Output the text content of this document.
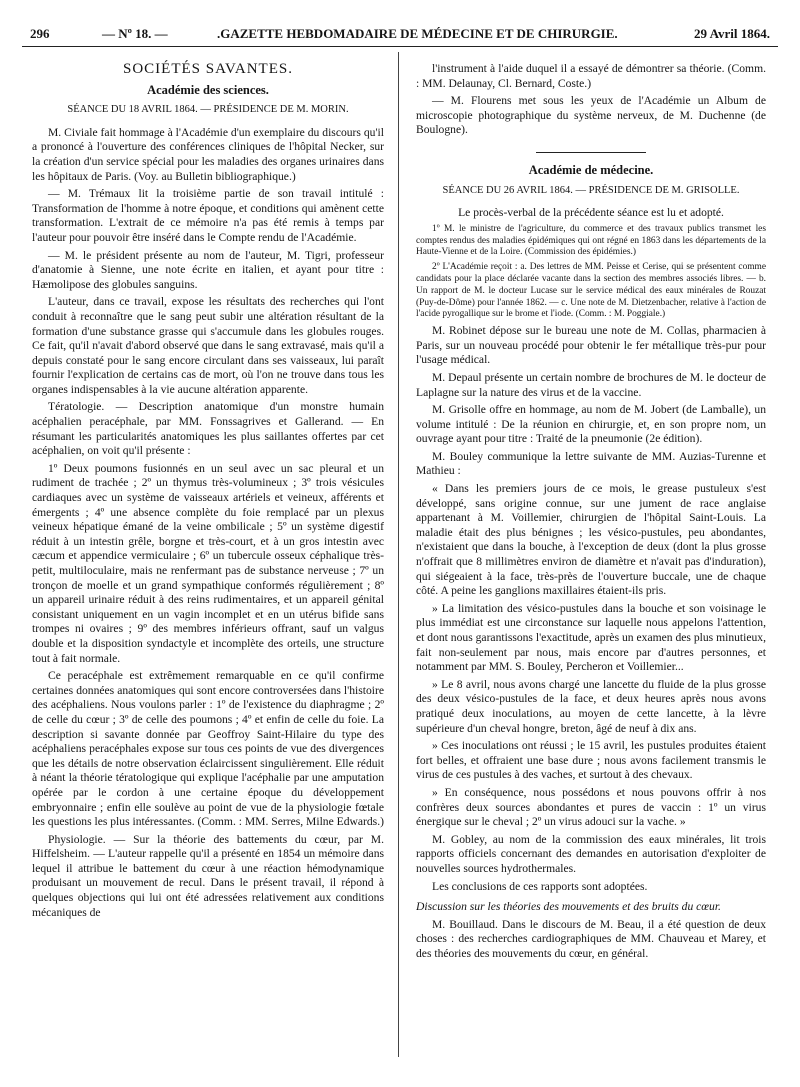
296	— Nº 18. —	.GAZETTE HEBDOMADAIRE DE MÉDECINE ET DE CHIRURGIE.	29 Avril 1864.
SOCIÉTÉS SAVANTES.
Académie des sciences.
SÉANCE DU 18 AVRIL 1864. — PRÉSIDENCE DE M. MORIN.

M. Civiale fait hommage à l'Académie d'un exemplaire du discours qu'il a prononcé à l'ouverture des conférences cliniques de l'hôpital Necker, sur la création d'un service spécial pour les maladies des organes urinaires dans les hôpitaux de Paris. (Voy. au Bulletin bibliographique.)

— M. Trémaux lit la troisième partie de son travail intitulé : Transformation de l'homme à notre époque, et conditions qui amènent cette transformation. L'extrait de ce mémoire n'a pas été remis à temps par l'auteur pour pouvoir être inséré dans le Compte rendu de l'Académie.

— M. le président présente au nom de l'auteur, M. Tigri, professeur d'anatomie à Sienne, une note écrite en italien, et ayant pour titre : Hæmolipose des globules sanguins.

L'auteur, dans ce travail, expose les résultats des recherches qui l'ont conduit à reconnaître que le sang peut subir une altération résultant de la formation d'une substance grasse qui s'accumule dans les globules rouges. Ce fait, qu'il n'avait d'abord observé que dans le sang extravasé, mais qu'il a depuis constaté pour le sang encore circulant dans ses vaisseaux, lui paraît fournir l'explication de certains cas de mort, où l'on ne trouve dans tous les organes indispensables à la vie aucune altération apparente.

Tératologie. — Description anatomique d'un monstre humain acéphalien peracéphale, par MM. Fonssagrives et Gallerand. — En résumant les particularités anatomiques les plus saillantes offertes par cet acéphalien, on voit qu'il présente :

1º Deux poumons fusionnés en un seul avec un sac pleural et un rudiment de trachée ; 2º un thymus très-volumineux ; 3º trois vésicules cardiaques avec un système de vaisseaux artériels et veineux, afférents et émergents ; 4º une absence complète du foie remplacé par un plexus veineux hépatique émané de la veine ombilicale ; 5º un système digestif réduit à un intestin grêle, borgne et très-court, et à un gros intestin avec cæcum et appendice vermiculaire ; 6º un tubercule osseux céphalique très-petit, multiloculaire, mais ne renfermant pas de substance nerveuse ; 7º un tronçon de moelle et un grand sympathique conformés régulièrement ; 8º un appareil urinaire réduit à des reins rudimentaires, et un appareil génital consistant uniquement en un vagin incomplet et en un utérus bifide sans trompes ni ovaires ; 9º des membres inférieurs offrant, sauf un valgus double et la disposition syndactyle et incomplète des orteils, une structure tout à fait normale.

Ce peracéphale est extrêmement remarquable en ce qu'il confirme certaines données anatomiques qui sont encore controversées dans l'histoire des acéphaliens. Nous voulons parler : 1º de l'existence du diaphragme ; 2º de celle du cœur ; 3º de celle des poumons ; 4º et enfin de celle du foie. La description si savante donnée par Geoffroy Saint-Hilaire du type des acéphaliens peracéphales expose sur tous ces points de vue des divergences que les détails de notre observation éclaircissent singulièrement. Elle réduit à néant la théorie tératologique qui explique l'acéphalie par une amputation opérée par le cordon à une certaine époque du développement embryonnaire ; enfin elle soulève au point de vue de la physiologie fœtale les questions les plus intéressantes. (Comm. : MM. Serres, Milne Edwards.)

Physiologie. — Sur la théorie des battements du cœur, par M. Hiffelsheim. — L'auteur rappelle qu'il a présenté en 1854 un mémoire dans lequel il attribue le battement du cœur à une réaction hémodynamique produisant un mouvement de recul. Dans le présent travail, il répond à quelques objections qui lui ont été adressées relativement aux conditions mécaniques de

l'instrument à l'aide duquel il a essayé de démontrer sa théorie. (Comm. : MM. Delaunay, Cl. Bernard, Coste.)

— M. Flourens met sous les yeux de l'Académie un Album de microscopie photographique du système nerveux, de M. Duchenne (de Boulogne).

Académie de médecine.
SÉANCE DU 26 AVRIL 1864. — PRÉSIDENCE DE M. GRISOLLE.

Le procès-verbal de la précédente séance est lu et adopté.

1º M. le ministre de l'agriculture, du commerce et des travaux publics transmet les comptes rendus des maladies épidémiques qui ont régné en 1863 dans les départements de la Haute-Vienne et de la Loire. (Commission des épidémies.)

2º L'Académie reçoit : a. Des lettres de MM. Peisse et Cerise, qui se présentent comme candidats pour la place déclarée vacante dans la section des membres associés libres. — b. Un rapport de M. le docteur Lucase sur le service médical des eaux minérales de Rouzat (Puy-de-Dôme) pour l'année 1862. — c. Une note de M. Dietzenbacher, relative à l'action de l'acide pyrogallique sur le brome et l'iode. (Comm. : M. Poggiale.)

M. Robinet dépose sur le bureau une note de M. Collas, pharmacien à Paris, sur un nouveau procédé pour obtenir le fer métallique très-pur pour l'usage médical.

M. Depaul présente un certain nombre de brochures de M. le docteur de Laplagne sur la nature des virus et de la vaccine.

M. Grisolle offre en hommage, au nom de M. Jobert (de Lamballe), un volume intitulé : De la réunion en chirurgie, et, en son propre nom, un ouvrage ayant pour titre : Traité de la pneumonie (2e édition).

M. Bouley communique la lettre suivante de MM. Auzias-Turenne et Mathieu :

« Dans les premiers jours de ce mois, le grease pustuleux s'est développé, sans origine connue, sur une jument de race anglaise appartenant à M. Voillemier, chirurgien de l'hôpital Saint-Louis. La maladie était des plus bénignes ; les vésico-pustules, peu abondantes, n'existaient que dans la bouche, à l'exception de deux (dont la plus grosse n'offrait que 8 millimètres environ de diamètre et n'avait pas d'induration), qui siégeaient à la face, très-près de l'ouverture buccale, une de chaque côté. A peine les ganglions maxillaires étaient-ils pris.

» La limitation des vésico-pustules dans la bouche et son voisinage le plus immédiat est une circonstance sur laquelle nous appelons l'attention, et dont nous garantissons l'exactitude, après un examen des plus minutieux, fait non-seulement par nous, mais encore par d'autres personnes, et notamment par MM. S. Bouley, Percheron et Voillemier...

» Le 8 avril, nous avons chargé une lancette du fluide de la plus grosse des deux vésico-pustules de la face, et deux heures après nous avons pratiqué deux inoculations, au moyen de cette lancette, à la lèvre supérieure d'un cheval hongre, breton, âgé de neuf à dix ans.

» Ces inoculations ont réussi ; le 15 avril, les pustules produites étaient fort belles, et offraient une base dure ; nous avons facilement transmis le virus de ces pustules à des vaches, et surtout à des chevaux.

» En conséquence, nous possédons et nous pouvons offrir à nos confrères deux sources abondantes et pures de vaccin : 1º un virus énergique sur le cheval ; 2º un virus adouci sur la vache. »

M. Gobley, au nom de la commission des eaux minérales, lit trois rapports officiels concernant des demandes en autorisation d'exploiter de nouvelles sources hydrothermales.

Les conclusions de ces rapports sont adoptées.

Discussion sur les théories des mouvements et des bruits du cœur.

M. Bouillaud. Dans le discours de M. Beau, il a été question de deux choses : des recherches cardiographiques de MM. Chauveau et Marey, et des théories des mouvements du cœur, en général.
